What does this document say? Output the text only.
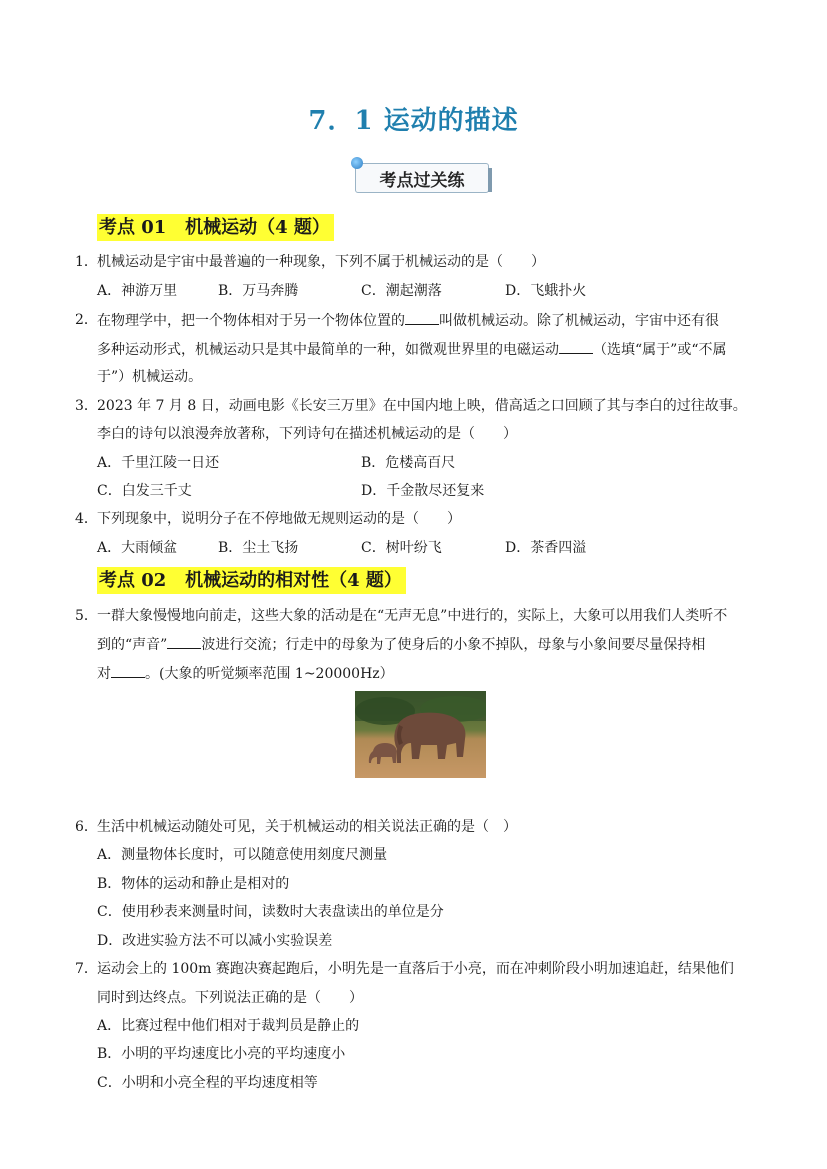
7．1 运动的描述
考点过关练
考点 01 机械运动（4 题）
1． 机械运动是宇宙中最普遍的一种现象，下列不属于机械运动的是（　　）
A．神游万里	B．万马奔腾	C．潮起潮落	D．飞蛾扑火
2． 在物理学中，把一个物体相对于另一个物体位置的 叫做机械运动。除了机械运动，宇宙中还有很
多种运动形式，机械运动只是其中最简单的一种，如微观世界里的电磁运动 （选填“属于”或“不属
于”）机械运动。
3． 2023 年 7 月 8 日，动画电影《长安三万里》在中国内地上映，借高适之口回顾了其与李白的过往故事。
李白的诗句以浪漫奔放著称，下列诗句在描述机械运动的是（　　）
A．千里江陵一日还	B．危楼高百尺
C．白发三千丈	D．千金散尽还复来
4． 下列现象中，说明分子在不停地做无规则运动的是（　　）
A．大雨倾盆	B．尘土飞扬	C．树叶纷飞	D．茶香四溢
考点 02 机械运动的相对性（4 题）
5． 一群大象慢慢地向前走，这些大象的活动是在“无声无息”中进行的，实际上，大象可以用我们人类听不
到的“声音” 波进行交流；行走中的母象为了使身后的小象不掉队，母象与小象间要尽量保持相
对 。(大象的听觉频率范围 1~20000Hz）
6． 生活中机械运动随处可见，关于机械运动的相关说法正确的是（　）
A．测量物体长度时，可以随意使用刻度尺测量
B．物体的运动和静止是相对的
C．使用秒表来测量时间，读数时大表盘读出的单位是分
D．改进实验方法不可以减小实验误差
7． 运动会上的 100m 赛跑决赛起跑后，小明先是一直落后于小亮，而在冲刺阶段小明加速追赶，结果他们
同时到达终点。下列说法正确的是（　　）
A．比赛过程中他们相对于裁判员是静止的
B．小明的平均速度比小亮的平均速度小
C．小明和小亮全程的平均速度相等
